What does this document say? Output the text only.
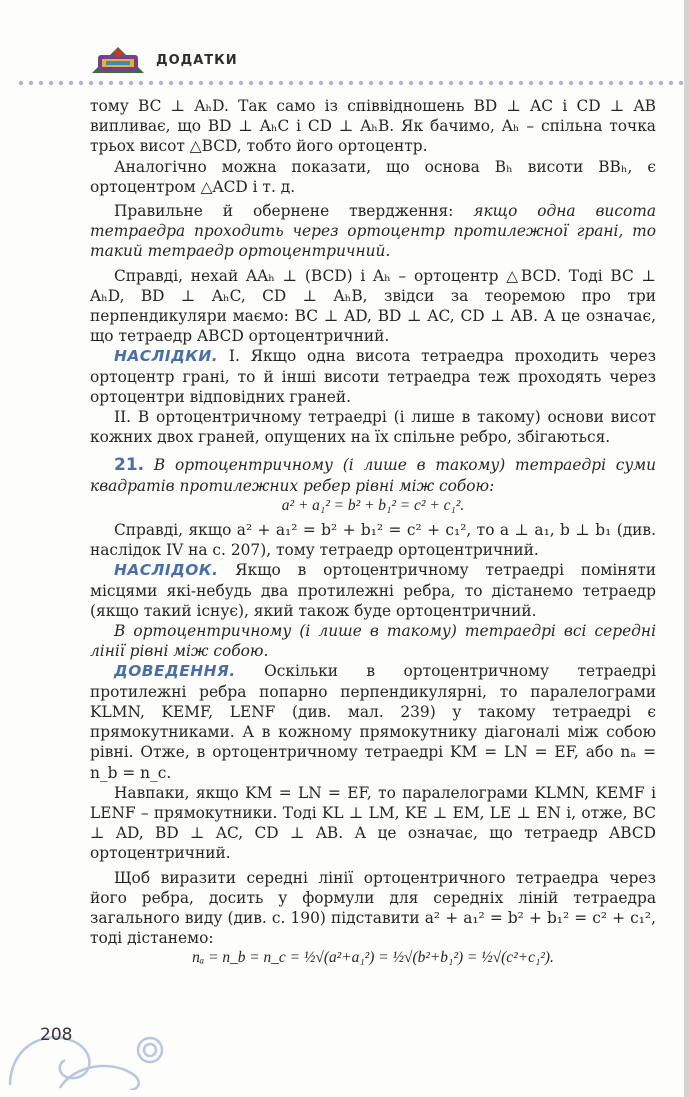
ДОДАТКИ

тому BC ⊥ AₕD. Так само із співвідношень BD ⊥ AC і CD ⊥ AB випливає, що BD ⊥ AₕC і CD ⊥ AₕB. Як бачимо, Aₕ – спільна точка трьох висот △BCD, тобто його ортоцентр.

Аналогічно можна показати, що основа Bₕ висоти BBₕ, є ортоцентром △ACD і т. д.

Правильне й обернене твердження: якщо одна висота тетраедра проходить через ортоцентр протилежної грані, то такий тетраедр ортоцентричний.

Справді, нехай AAₕ ⊥ (BCD) і Aₕ – ортоцентр △BCD. Тоді BC ⊥ AₕD, BD ⊥ AₕC, CD ⊥ AₕB, звідси за теоремою про три перпендикуляри маємо: BC ⊥ AD, BD ⊥ AC, CD ⊥ AB. А це означає, що тетраедр ABCD ортоцентричний.

НАСЛІДКИ. I. Якщо одна висота тетраедра проходить через ортоцентр грані, то й інші висоти тетраедра теж проходять через ортоцентри відповідних граней.

II. В ортоцентричному тетраедрі (і лише в такому) основи висот кожних двох граней, опущених на їх спільне ребро, збігаються.

21. В ортоцентричному (і лише в такому) тетраедрі суми квадратів протилежних ребер рівні між собою:

a² + a₁² = b² + b₁² = c² + c₁².

Справді, якщо a² + a₁² = b² + b₁² = c² + c₁², то a ⊥ a₁, b ⊥ b₁ (див. наслідок IV на с. 207), тому тетраедр ортоцентричний.

НАСЛІДОК. Якщо в ортоцентричному тетраедрі поміняти місцями які-небудь два протилежні ребра, то дістанемо тетраедр (якщо такий існує), який також буде ортоцентричний.

В ортоцентричному (і лише в такому) тетраедрі всі середні лінії рівні між собою.

ДОВЕДЕННЯ. Оскільки в ортоцентричному тетраедрі протилежні ребра попарно перпендикулярні, то паралелограми KLMN, KEMF, LENF (див. мал. 239) у такому тетраедрі є прямокутниками. А в кожному прямокутнику діагоналі між собою рівні. Отже, в ортоцентричному тетраедрі KM = LN = EF, або nₐ = n_b = n_c.

Навпаки, якщо KM = LN = EF, то паралелограми KLMN, KEMF і LENF – прямокутники. Тоді KL ⊥ LM, KE ⊥ EM, LE ⊥ EN і, отже, BC ⊥ AD, BD ⊥ AC, CD ⊥ AB. А це означає, що тетраедр ABCD ортоцентричний.

Щоб виразити середні лінії ортоцентричного тетраедра через його ребра, досить у формули для середніх ліній тетраедра загального виду (див. с. 190) підставити a² + a₁² = b² + b₁² = c² + c₁², тоді дістанемо:

nₐ = n_b = n_c = ½√(a²+a₁²) = ½√(b²+b₁²) = ½√(c²+c₁²).

208
